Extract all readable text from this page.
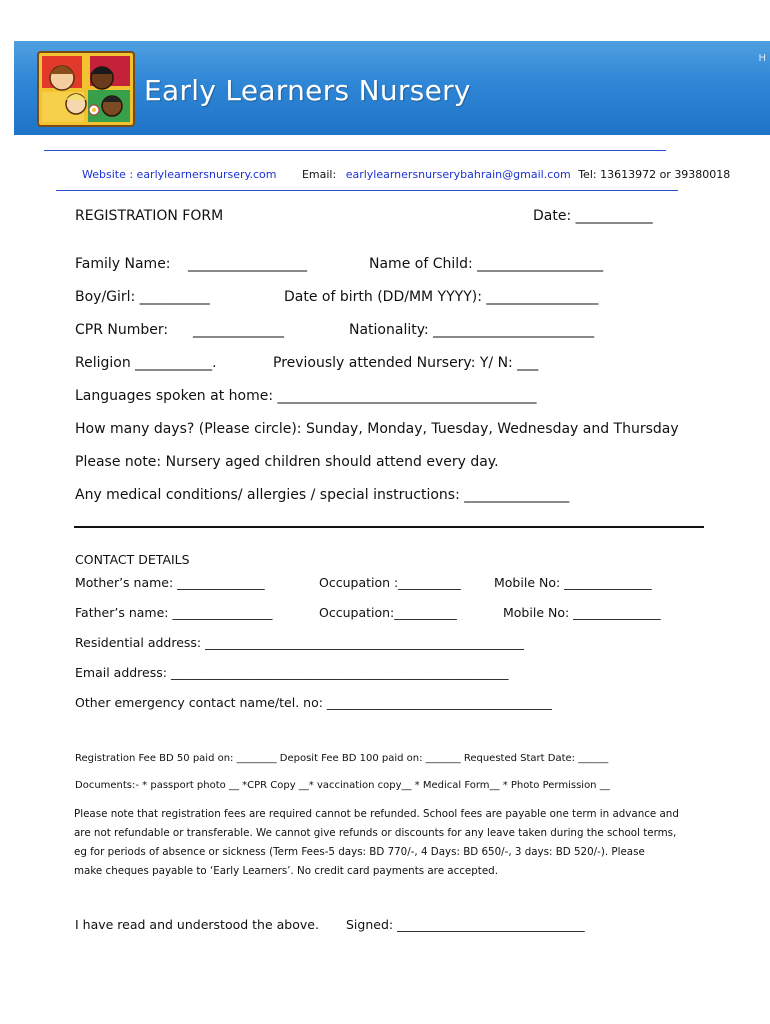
Early Learners Nursery
H
Website : earlylearnersnursery.com Email: earlylearnersnurserybahrain@gmail.com Tel: 13613972 or 39380018
REGISTRATION FORM	Date: ___________
Family Name: _________________	Name of Child: __________________
Boy/Girl: __________	Date of birth (DD/MM YYYY): ________________
CPR Number: _____________	Nationality: _______________________
Religion ___________.	Previously attended Nursery: Y/ N: ___
Languages spoken at home: _____________________________________
How many days? (Please circle): Sunday, Monday, Tuesday, Wednesday and Thursday
Please note: Nursery aged children should attend every day.
Any medical conditions/ allergies / special instructions: _______________
CONTACT DETAILS
Mother’s name: ______________	Occupation :__________	Mobile No: ______________
Father’s name: ________________	Occupation:__________	Mobile No: ______________
Residential address: ___________________________________________________
Email address: ______________________________________________________
Other emergency contact name/tel. no: ____________________________________
Registration Fee BD 50 paid on: ________ Deposit Fee BD 100 paid on: _______ Requested Start Date: ______
Documents:- * passport photo __ *CPR Copy __* vaccination copy__ * Medical Form__ * Photo Permission __
Please note that registration fees are required cannot be refunded. School fees are payable one term in advance and
are not refundable or transferable. We cannot give refunds or discounts for any leave taken during the school terms,
eg for periods of absence or sickness (Term Fees-5 days: BD 770/-, 4 Days: BD 650/-, 3 days: BD 520/-). Please
make cheques payable to ‘Early Learners’. No credit card payments are accepted.
I have read and understood the above. Signed: ______________________________
